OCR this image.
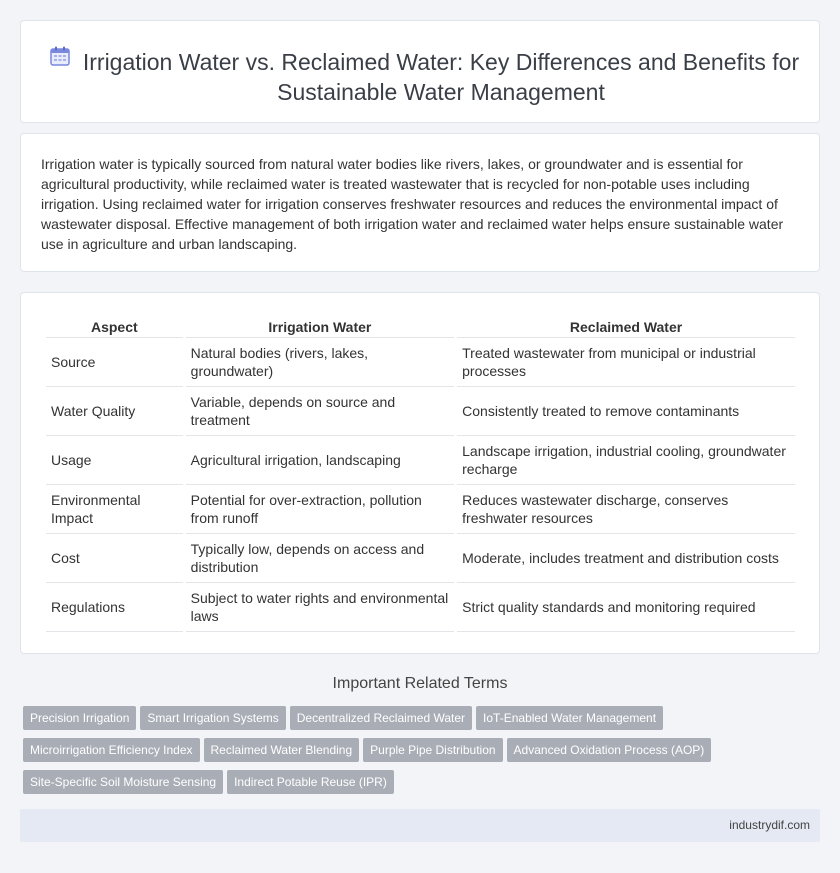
Irrigation Water vs. Reclaimed Water: Key Differences and Benefits for Sustainable Water Management

Irrigation water is typically sourced from natural water bodies like rivers, lakes, or groundwater and is essential for agricultural productivity, while reclaimed water is treated wastewater that is recycled for non-potable uses including irrigation. Using reclaimed water for irrigation conserves freshwater resources and reduces the environmental impact of wastewater disposal. Effective management of both irrigation water and reclaimed water helps ensure sustainable water use in agriculture and urban landscaping.

Aspect	Irrigation Water	Reclaimed Water
Source	Natural bodies (rivers, lakes, groundwater)	Treated wastewater from municipal or industrial processes
Water Quality	Variable, depends on source and treatment	Consistently treated to remove contaminants
Usage	Agricultural irrigation, landscaping	Landscape irrigation, industrial cooling, groundwater recharge
Environmental Impact	Potential for over-extraction, pollution from runoff	Reduces wastewater discharge, conserves freshwater resources
Cost	Typically low, depends on access and distribution	Moderate, includes treatment and distribution costs
Regulations	Subject to water rights and environmental laws	Strict quality standards and monitoring required
Important Related Terms
Precision Irrigation Smart Irrigation Systems Decentralized Reclaimed Water IoT-Enabled Water Management
Microirrigation Efficiency Index Reclaimed Water Blending Purple Pipe Distribution Advanced Oxidation Process (AOP)
Site-Specific Soil Moisture Sensing Indirect Potable Reuse (IPR)
industrydif.com
